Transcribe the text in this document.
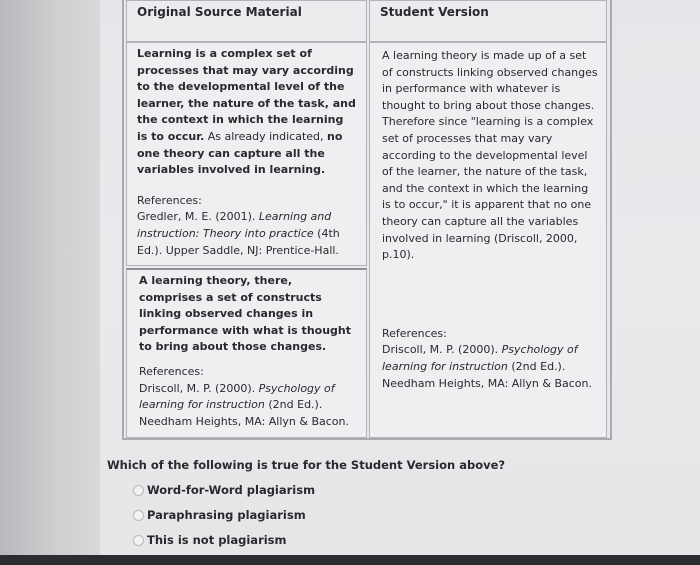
Original Source Material	Student Version
Learning is a complex set of processes that may vary according to the developmental level of the learner, the nature of the task, and the context in which the learning is to occur. As already indicated, no one theory can capture all the variables involved in learning.
References:
Gredler, M. E. (2001). Learning and instruction: Theory into practice (4th Ed.). Upper Saddle, NJ: Prentice-Hall.
A learning theory, there, comprises a set of constructs linking observed changes in performance with what is thought to bring about those changes.
References:
Driscoll, M. P. (2000). Psychology of learning for instruction (2nd Ed.). Needham Heights, MA: Allyn & Bacon.
A learning theory is made up of a set of constructs linking observed changes in performance with whatever is thought to bring about those changes. Therefore since "learning is a complex set of processes that may vary according to the developmental level of the learner, the nature of the task, and the context in which the learning is to occur," it is apparent that no one theory can capture all the variables involved in learning (Driscoll, 2000, p.10).
References:
Driscoll, M. P. (2000). Psychology of learning for instruction (2nd Ed.). Needham Heights, MA: Allyn & Bacon.
Which of the following is true for the Student Version above?
Word-for-Word plagiarism
Paraphrasing plagiarism
This is not plagiarism
